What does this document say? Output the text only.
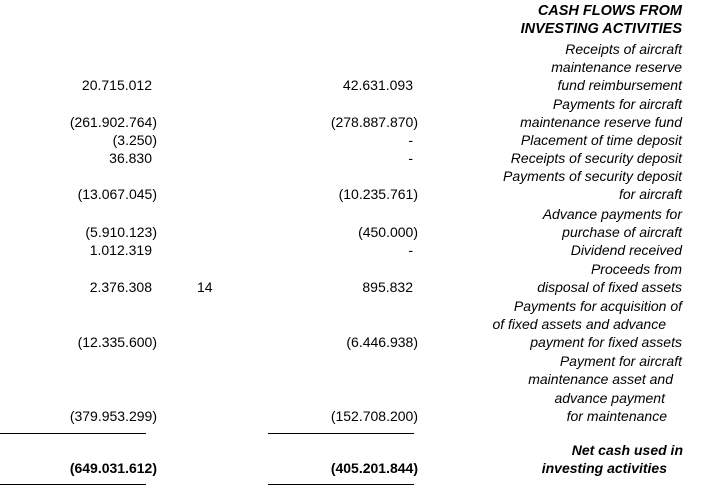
CASH FLOWS FROM
INVESTING ACTIVITIES
Receipts of aircraft
maintenance reserve
fund reimbursement
20.715.012	42.631.093
Payments for aircraft
maintenance reserve fund
(261.902.764)	(278.887.870)
Placement of time deposit
(3.250)	-
Receipts of security deposit
36.830	-
Payments of security deposit
for aircraft
(13.067.045)	(10.235.761)
Advance payments for
purchase of aircraft
(5.910.123)	(450.000)
Dividend received
1.012.319	-
Proceeds from
disposal of fixed assets
2.376.308	14	895.832
Payments for acquisition of
of fixed assets and advance
payment for fixed assets
(12.335.600)	(6.446.938)
Payment for aircraft
maintenance asset and
advance payment
for maintenance
(379.953.299)	(152.708.200)
Net cash used in
investing activities
(649.031.612)	(405.201.844)
